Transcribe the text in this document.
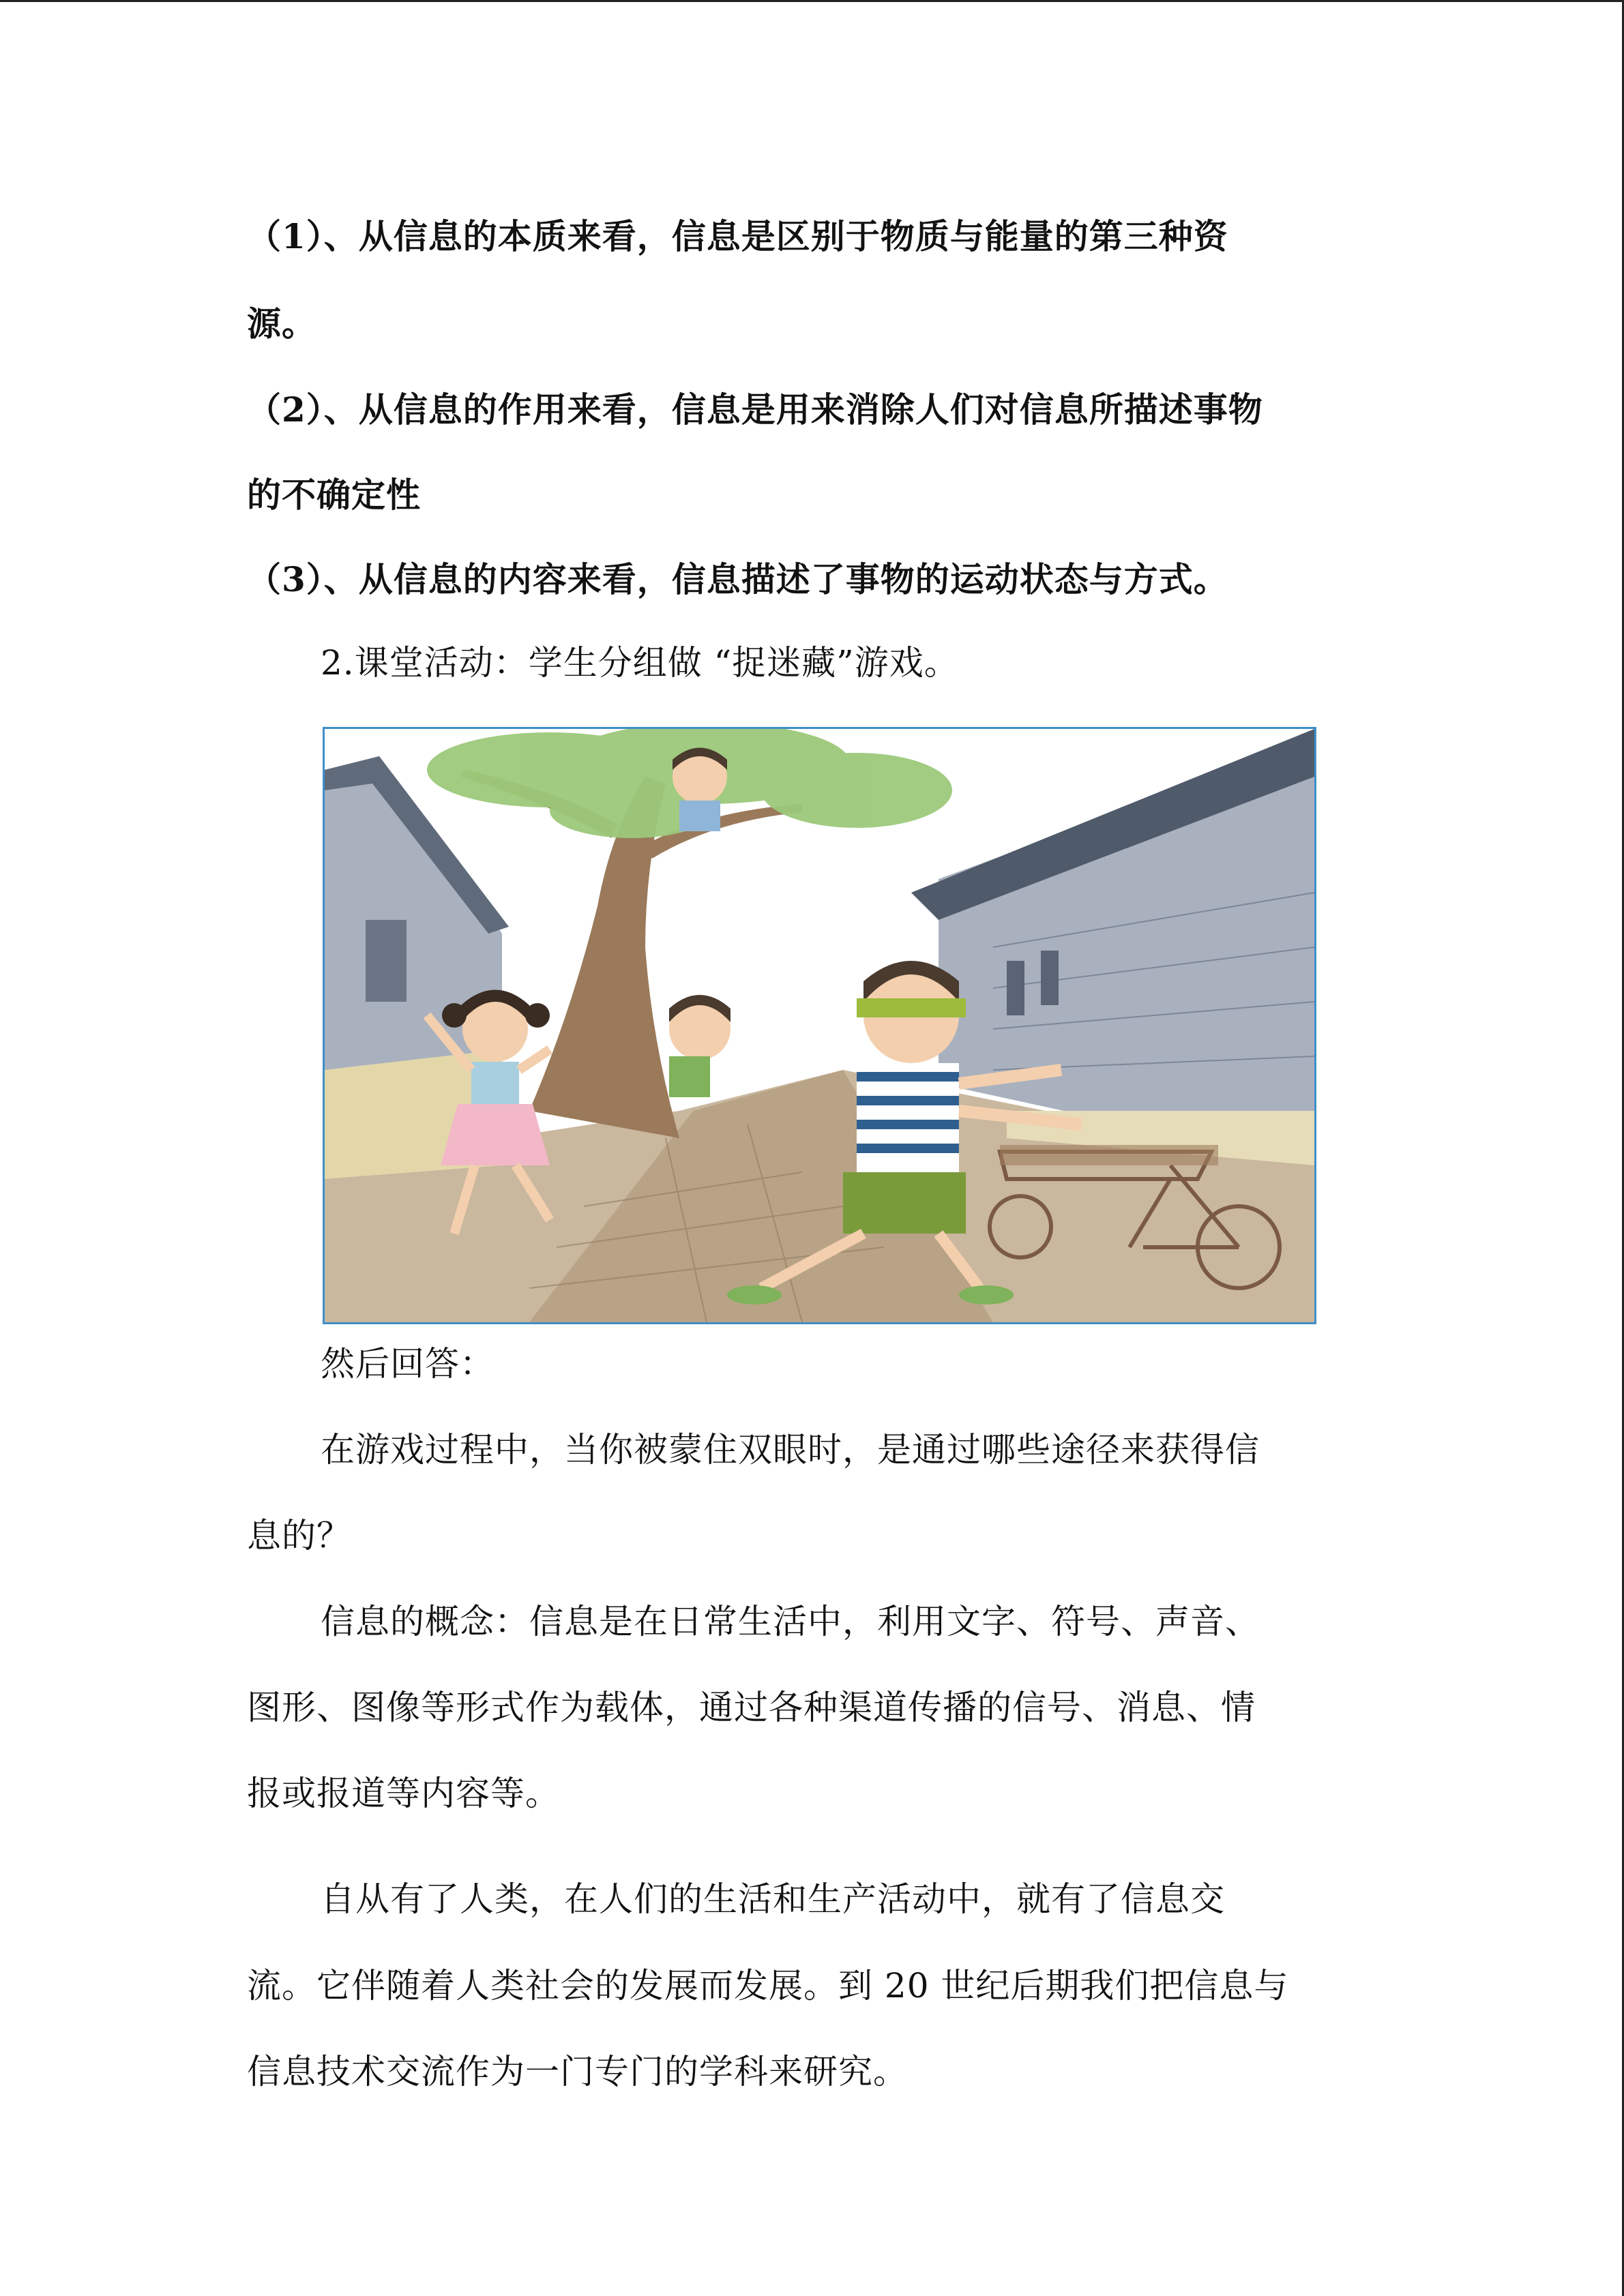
（1）、从信息的本质来看，信息是区别于物质与能量的第三种资
源。
（2）、从信息的作用来看，信息是用来消除人们对信息所描述事物
的不确定性
（3）、从信息的内容来看，信息描述了事物的运动状态与方式。
2.课堂活动：学生分组做 “捉迷藏”游戏。
然后回答：
在游戏过程中，当你被蒙住双眼时，是通过哪些途径来获得信
息的？
信息的概念：信息是在日常生活中，利用文字、符号、声音、
图形、图像等形式作为载体，通过各种渠道传播的信号、消息、情
报或报道等内容等。
自从有了人类，在人们的生活和生产活动中，就有了信息交
流。它伴随着人类社会的发展而发展。到 20 世纪后期我们把信息与
信息技术交流作为一门专门的学科来研究。
